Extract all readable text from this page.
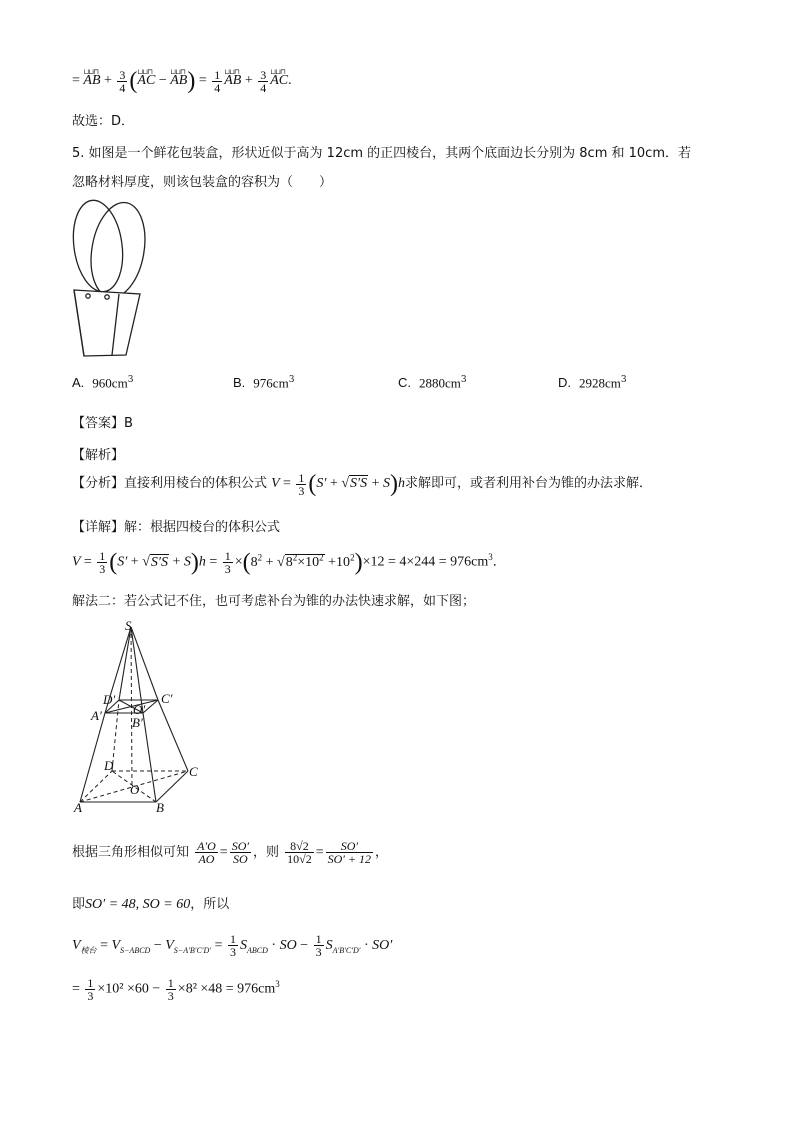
= ⊔⊔⊓ AB + $\frac{3}{4}$ (⊔⊔⊓ AC − ⊔⊔⊓ $AB) = \frac{1}{4}$ ⊔⊔⊓ AB + $\frac{3}{4}$ ⊔⊔⊓ AC.
故选：D．
5. 如图是一个鲜花包装盒，形状近似于高为 12cm 的正四棱台，其两个底面边长分别为 8cm 和 10cm．若
忽略材料厚度，则该包装盒的容积为（　　）
A. $960cm^3$	B. $976cm^3$	C. $2880cm^3$	D. $2928cm^3$
【答案】B
【解析】
【分析】直接利用棱台的体积公式 $V = \frac{1}{3} (S' + √S'S + S)h$求解即可，或者利用补台为锥的办法求解．
【详解】解：根据四棱台的体积公式
$V = \frac{1}{3} (S' + √S'S + S)h = \frac{1}{3} \times(8^2 + √8^2\times 10^2 +10^2)\times 12 = 4\times 244 = 976cm^3$．
解法二：若公式记不住，也可考虑补台为锥的办法快速求解，如下图；
S
D′	C′
A′ O′
B′
D	C
A
O
B
根据三角形相似可知 $\frac{A'O}{AO} = \frac{SO'}{SO}$ ，则 $\frac{8√2}{10√2} = \frac{SO'}{SO' + 12}$ ，
即SO′ = 48, SO = 60，所以
$V_{棱台} = V_{S-ABCD} - V_{S-A'B'C'D'} = \frac{1}{3} S_{ABCD}$ · SO − $\frac{1}{3} S_{A'B'C'D'} \cdot SO'$
= $\frac{1}{3} \times 10^2 \times 60 - \frac{1}{3} \times 8^2 \times 48 = 976cm^3$
